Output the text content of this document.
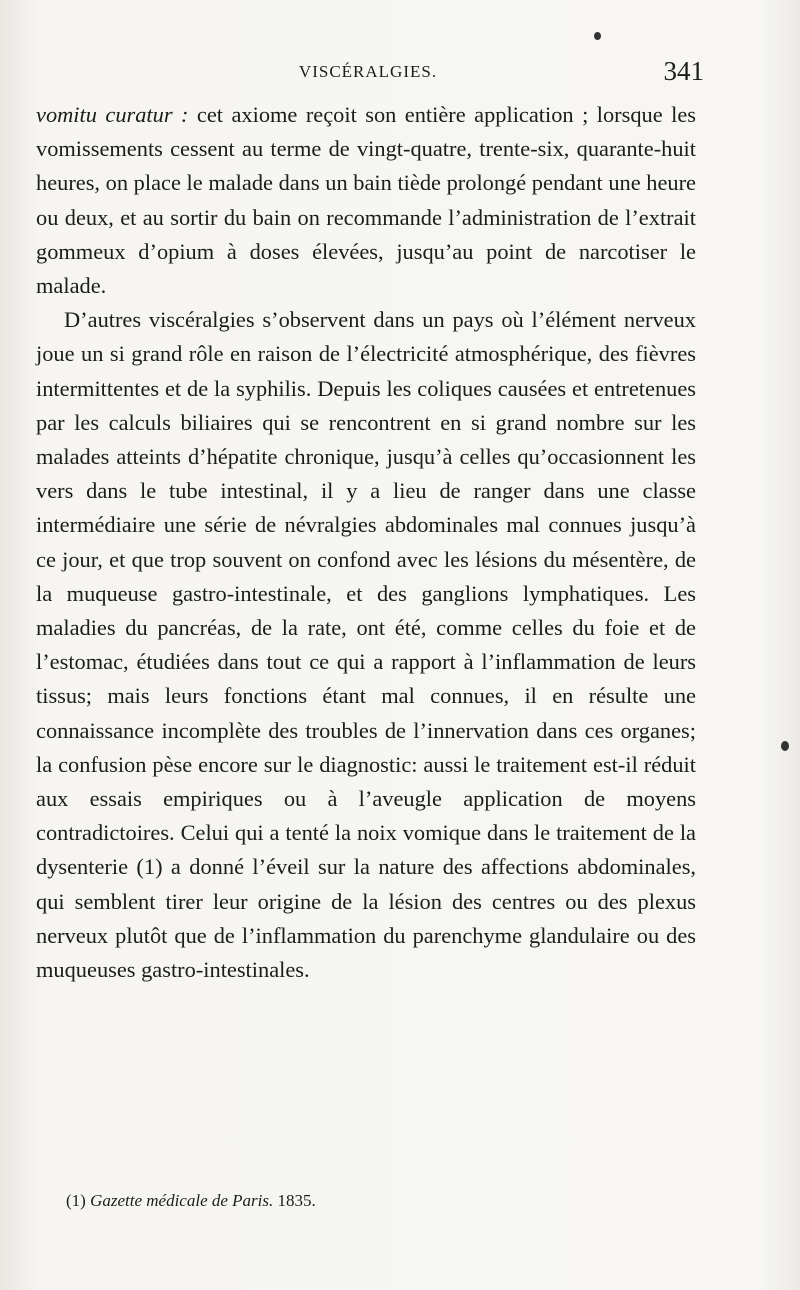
VISCÉRALGIES.	341

vomitu curatur : cet axiome reçoit son entière application ; lorsque les vomissements cessent au terme de vingt-quatre, trente-six, quarante-huit heures, on place le malade dans un bain tiède prolongé pendant une heure ou deux, et au sortir du bain on recommande l’administration de l’extrait gommeux d’opium à doses élevées, jusqu’au point de narcotiser le malade.

D’autres viscéralgies s’observent dans un pays où l’élément nerveux joue un si grand rôle en raison de l’électricité atmosphérique, des fièvres intermittentes et de la syphilis. Depuis les coliques causées et entretenues par les calculs biliaires qui se rencontrent en si grand nombre sur les malades atteints d’hépatite chronique, jusqu’à celles qu’occasionnent les vers dans le tube intestinal, il y a lieu de ranger dans une classe intermédiaire une série de névralgies abdominales mal connues jusqu’à ce jour, et que trop souvent on confond avec les lésions du mésentère, de la muqueuse gastro-intestinale, et des ganglions lymphatiques. Les maladies du pancréas, de la rate, ont été, comme celles du foie et de l’estomac, étudiées dans tout ce qui a rapport à l’inflammation de leurs tissus; mais leurs fonctions étant mal connues, il en résulte une connaissance incomplète des troubles de l’innervation dans ces organes; la confusion pèse encore sur le diagnostic: aussi le traitement est-il réduit aux essais empiriques ou à l’aveugle application de moyens contradictoires. Celui qui a tenté la noix vomique dans le traitement de la dysenterie (1) a donné l’éveil sur la nature des affections abdominales, qui semblent tirer leur origine de la lésion des centres ou des plexus nerveux plutôt que de l’inflammation du parenchyme glandulaire ou des muqueuses gastro-intestinales.

(1) Gazette médicale de Paris. 1835.
